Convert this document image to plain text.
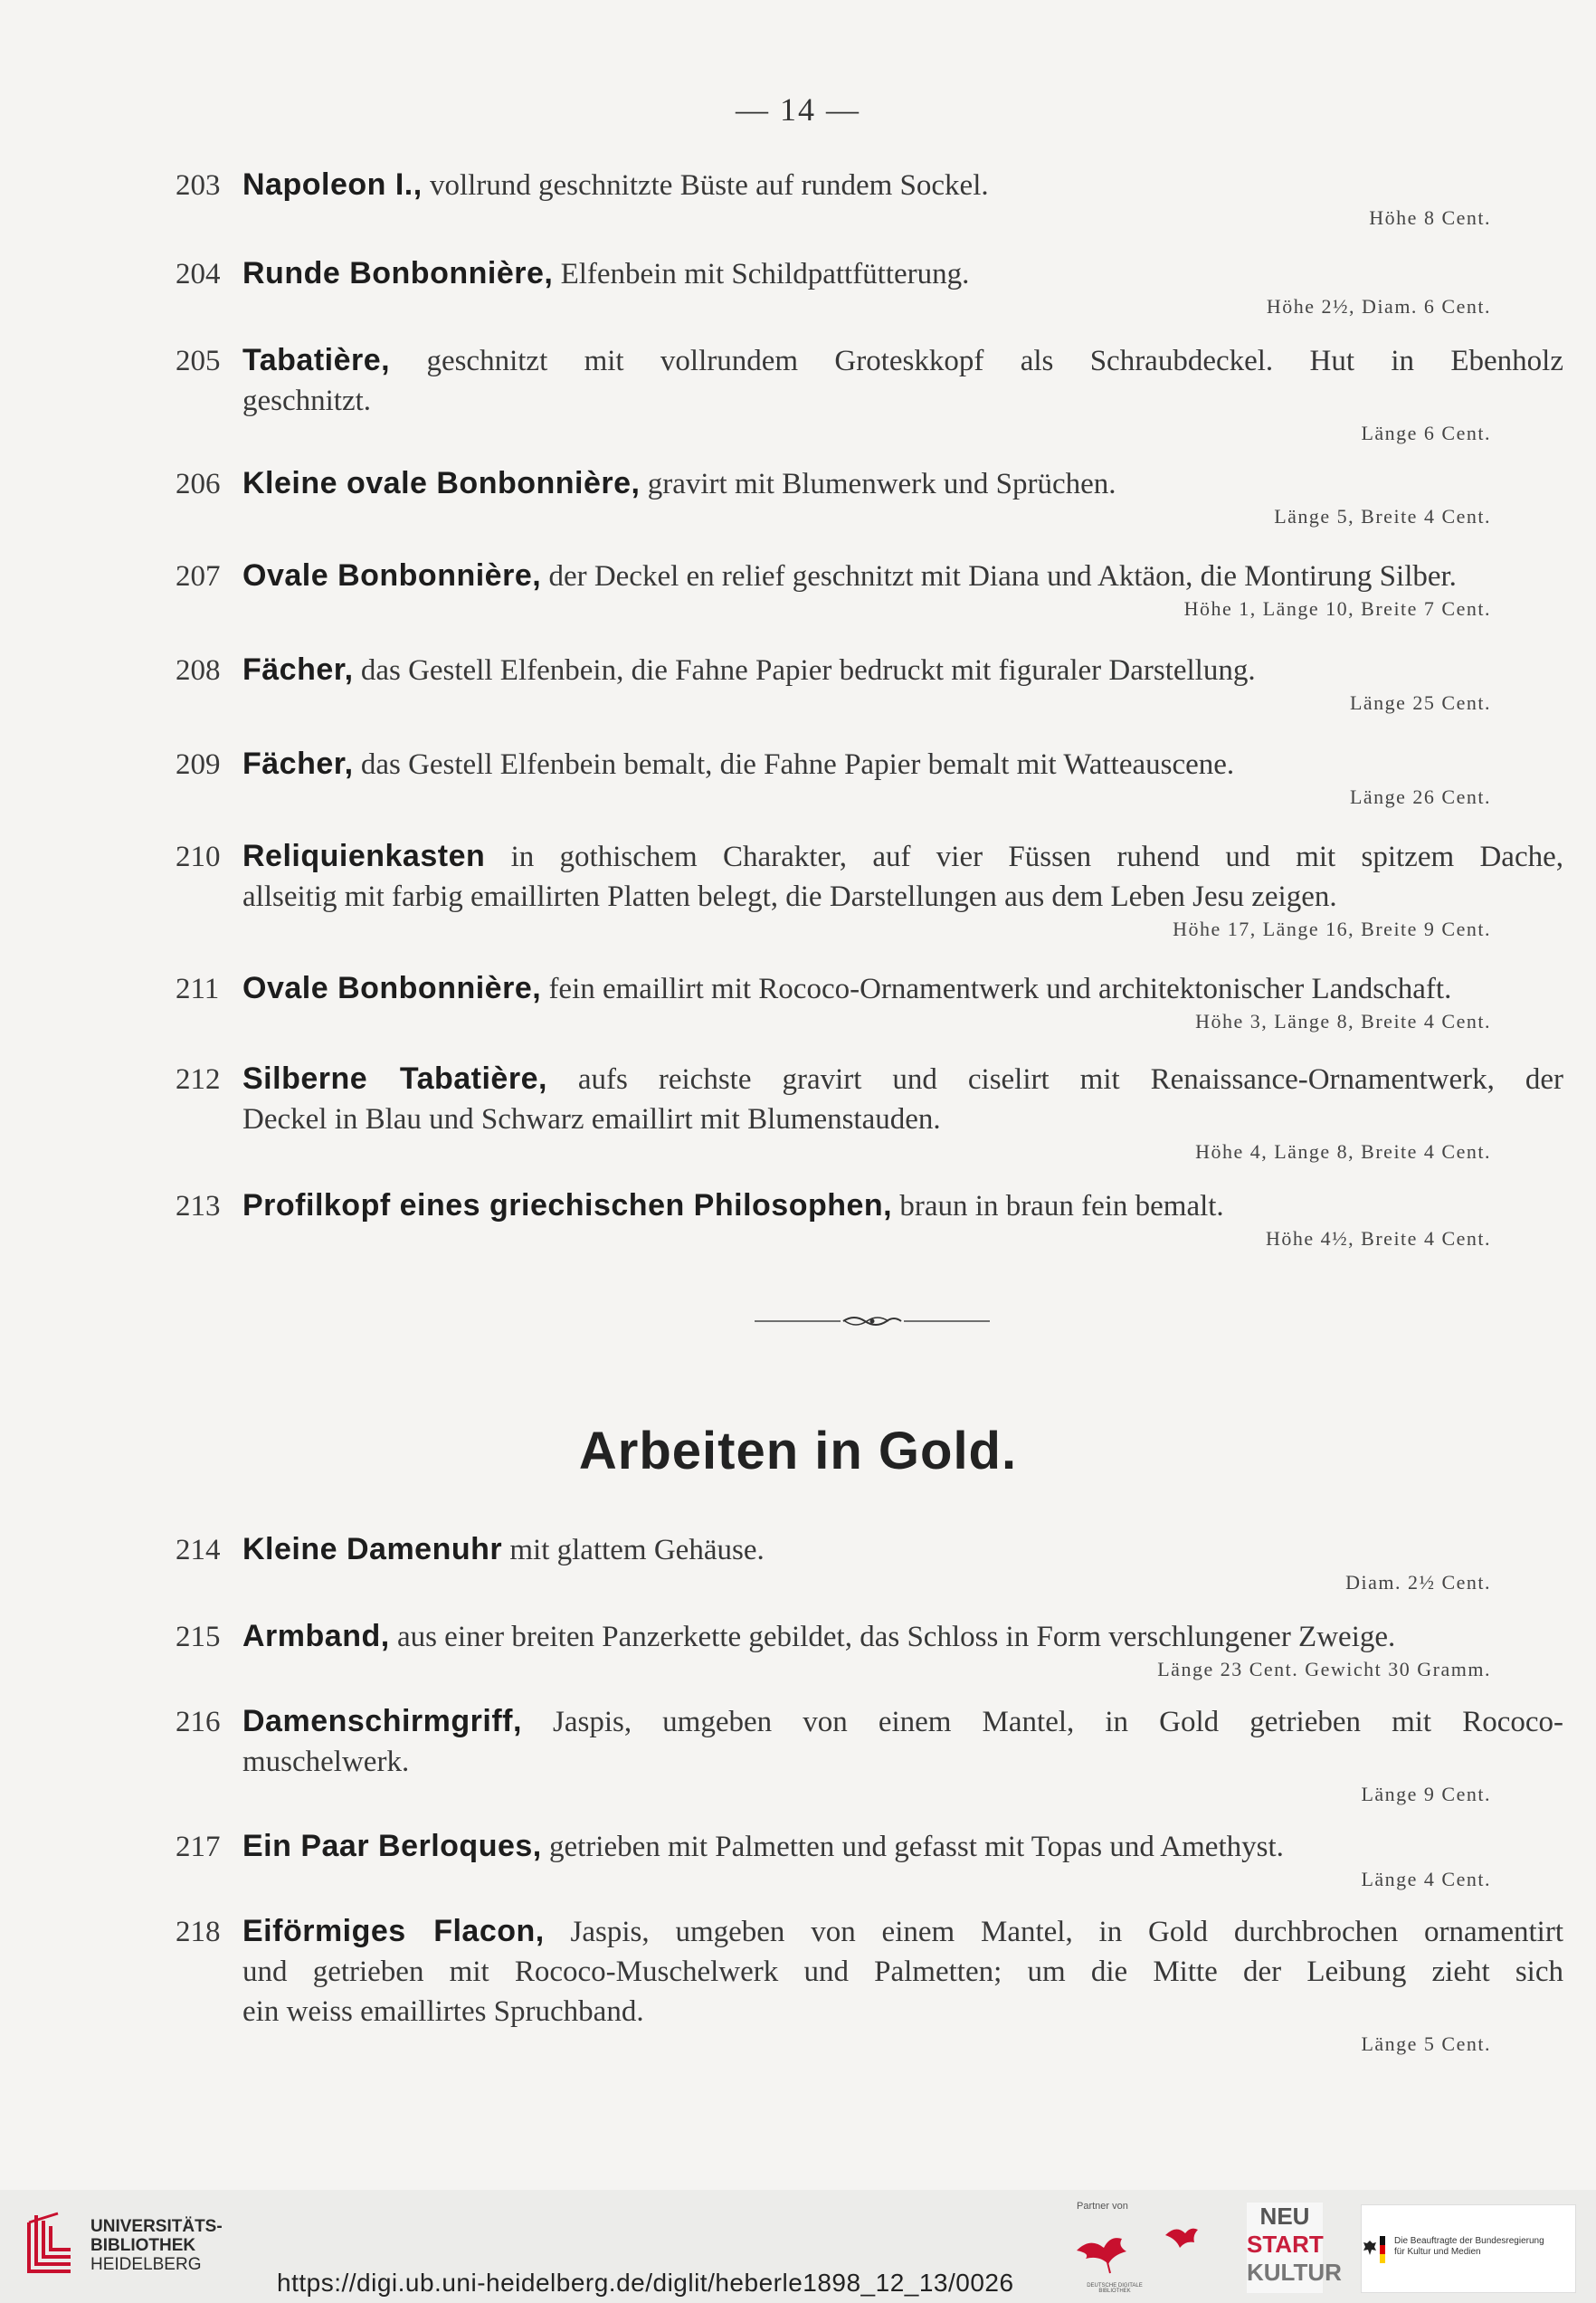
— 14 —
203 Napoleon I., vollrund geschnitzte Büste auf rundem Sockel.
Höhe 8 Cent.
204 Runde Bonbonnière, Elfenbein mit Schildpattfütterung.
Höhe 2½, Diam. 6 Cent.
205 Tabatière, geschnitzt mit vollrundem Groteskkopf als Schraubdeckel. Hut in Ebenholz
geschnitzt.
Länge 6 Cent.
206 Kleine ovale Bonbonnière, gravirt mit Blumenwerk und Sprüchen.
Länge 5, Breite 4 Cent.
207 Ovale Bonbonnière, der Deckel en relief geschnitzt mit Diana und Aktäon, die Montirung Silber.
Höhe 1, Länge 10, Breite 7 Cent.
208 Fächer, das Gestell Elfenbein, die Fahne Papier bedruckt mit figuraler Darstellung.
Länge 25 Cent.
209 Fächer, das Gestell Elfenbein bemalt, die Fahne Papier bemalt mit Watteauscene.
Länge 26 Cent.
210 Reliquienkasten in gothischem Charakter, auf vier Füssen ruhend und mit spitzem Dache,
allseitig mit farbig emaillirten Platten belegt, die Darstellungen aus dem Leben Jesu zeigen.
Höhe 17, Länge 16, Breite 9 Cent.
211 Ovale Bonbonnière, fein emaillirt mit Rococo-Ornamentwerk und architektonischer Landschaft.
Höhe 3, Länge 8, Breite 4 Cent.
212 Silberne Tabatière, aufs reichste gravirt und ciselirt mit Renaissance-Ornamentwerk, der
Deckel in Blau und Schwarz emaillirt mit Blumenstauden.
Höhe 4, Länge 8, Breite 4 Cent.
213 Profilkopf eines griechischen Philosophen, braun in braun fein bemalt.
Höhe 4½, Breite 4 Cent.
214 Kleine Damenuhr mit glattem Gehäuse.
Diam. 2½ Cent.
215 Armband, aus einer breiten Panzerkette gebildet, das Schloss in Form verschlungener Zweige.
Länge 23 Cent. Gewicht 30 Gramm.
216 Damenschirmgriff, Jaspis, umgeben von einem Mantel, in Gold getrieben mit Rococo-
muschelwerk.
Länge 9 Cent.
217 Ein Paar Berloques, getrieben mit Palmetten und gefasst mit Topas und Amethyst.
Länge 4 Cent.
218 Eiförmiges Flacon, Jaspis, umgeben von einem Mantel, in Gold durchbrochen ornamentirt
und getrieben mit Rococo-Muschelwerk und Palmetten; um die Mitte der Leibung zieht sich
ein weiss emaillirtes Spruchband.
Länge 5 Cent.
Arbeiten in Gold.
UNIVERSITÄTS-
BIBLIOTHEK
HEIDELBERG
https://digi.ub.uni-heidelberg.de/diglit/heberle1898_12_13/0026
Partner von
DEUTSCHE DIGITALE BIBLIOTHEK
NEU
START
KULTUR
Die Beauftragte der Bundesregierung
für Kultur und Medien
